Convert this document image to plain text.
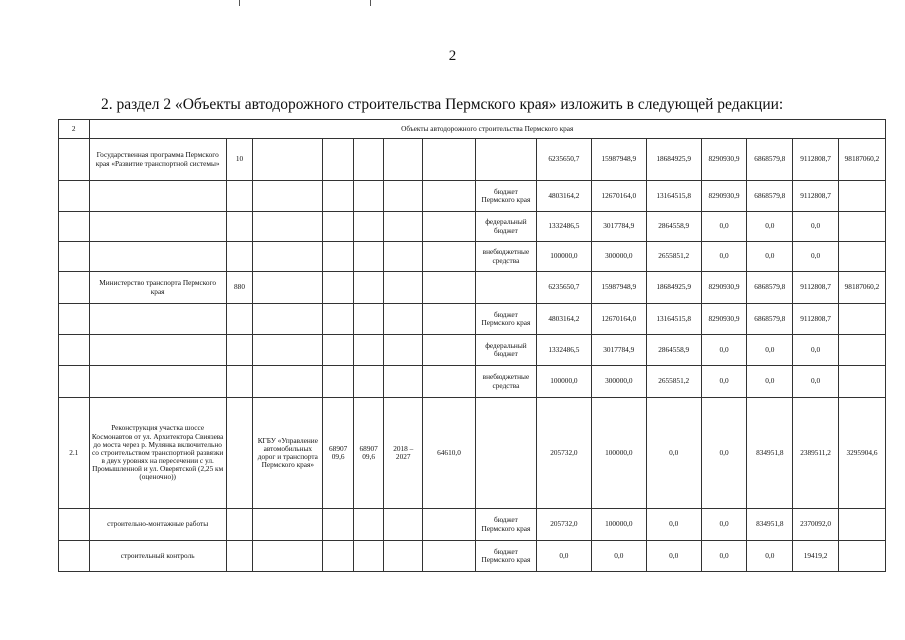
2
2. раздел 2 «Объекты автодорожного строительства Пермского края» изложить в следующей редакции:
2	Объекты автодорожного строительства Пермского края														
	Государственная программа Пермского края «Развитие транспортной системы»	10							6235650,7	15987948,9	18684925,9	8290930,9	6868579,8	9112808,7	98187060,2
								бюджет Пермского края	4803164,2	12670164,0	13164515,8	8290930,9	6868579,8	9112808,7	
								федеральный бюджет	1332486,5	3017784,9	2864558,9	0,0	0,0	0,0	
								внебюджетные средства	100000,0	300000,0	2655851,2	0,0	0,0	0,0	
	Министерство транспорта Пермского края	880							6235650,7	15987948,9	18684925,9	8290930,9	6868579,8	9112808,7	98187060,2
								бюджет Пермского края	4803164,2	12670164,0	13164515,8	8290930,9	6868579,8	9112808,7	
								федеральный бюджет	1332486,5	3017784,9	2864558,9	0,0	0,0	0,0	
								внебюджетные средства	100000,0	300000,0	2655851,2	0,0	0,0	0,0	
2.1	Реконструкция участка шоссе Космонавтов от ул. Архитектора Свиязева до моста через р. Мулянка включительно со строительством транспортной развязки в двух уровнях на пересечении с ул. Промышленной и ул. Оверятской (2,25 км (оценочно))		КГБУ «Управление автомобильных дорог и транспорта Пермского края»	68907 09,6	68907 09,6	2018 – 2027	64610,0		205732,0	100000,0	0,0	0,0	834951,8	2389511,2	3295904,6
	строительно-монтажные работы							бюджет Пермского края	205732,0	100000,0	0,0	0,0	834951,8	2370092,0	
	строительный контроль							бюджет Пермского края	0,0	0,0	0,0	0,0	0,0	19419,2	
